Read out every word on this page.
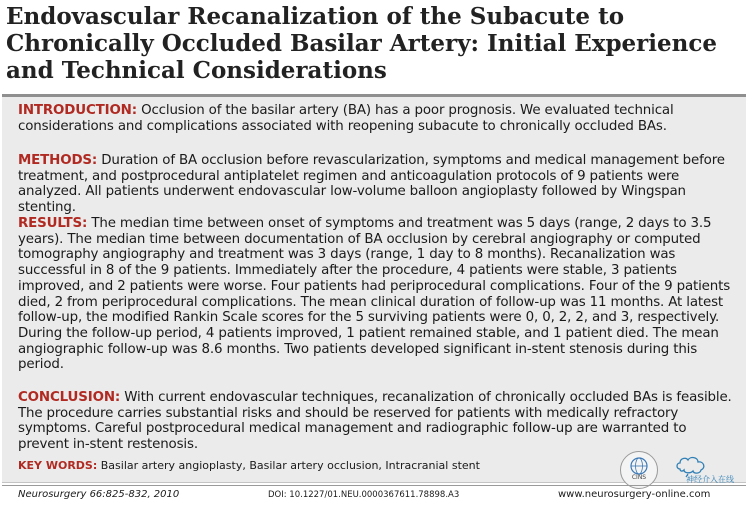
Endovascular Recanalization of the Subacute to Chronically Occluded Basilar Artery: Initial Experience and Technical Considerations

INTRODUCTION: Occlusion of the basilar artery (BA) has a poor prognosis. We evaluated technical considerations and complications associated with reopening subacute to chronically occluded BAs.

METHODS: Duration of BA occlusion before revascularization, symptoms and medical management before treatment, and postprocedural antiplatelet regimen and anticoagulation protocols of 9 patients were analyzed. All patients underwent endovascular low-volume balloon angioplasty followed by Wingspan stenting.

RESULTS: The median time between onset of symptoms and treatment was 5 days (range, 2 days to 3.5 years). The median time between documentation of BA occlusion by cerebral angiography or computed tomography angiography and treatment was 3 days (range, 1 day to 8 months). Recanalization was successful in 8 of the 9 patients. Immediately after the procedure, 4 patients were stable, 3 patients improved, and 2 patients were worse. Four patients had periprocedural complications. Four of the 9 patients died, 2 from periprocedural complications. The mean clinical duration of follow-up was 11 months. At latest follow-up, the modified Rankin Scale scores for the 5 surviving patients were 0, 0, 2, 2, and 3, respectively. During the follow-up period, 4 patients improved, 1 patient remained stable, and 1 patient died. The mean angiographic follow-up was 8.6 months. Two patients developed significant in-stent stenosis during this period.

CONCLUSION: With current endovascular techniques, recanalization of chronically occluded BAs is feasible. The procedure carries substantial risks and should be reserved for patients with medically refractory symptoms. Careful postprocedural medical management and radiographic follow-up are warranted to prevent in-stent restenosis.

KEY WORDS: Basilar artery angioplasty, Basilar artery occlusion, Intracranial stent

CINS	神经介入在线

Neurosurgery 66:825-832, 2010	DOI: 10.1227/01.NEU.0000367611.78898.A3	www.neurosurgery-online.com
